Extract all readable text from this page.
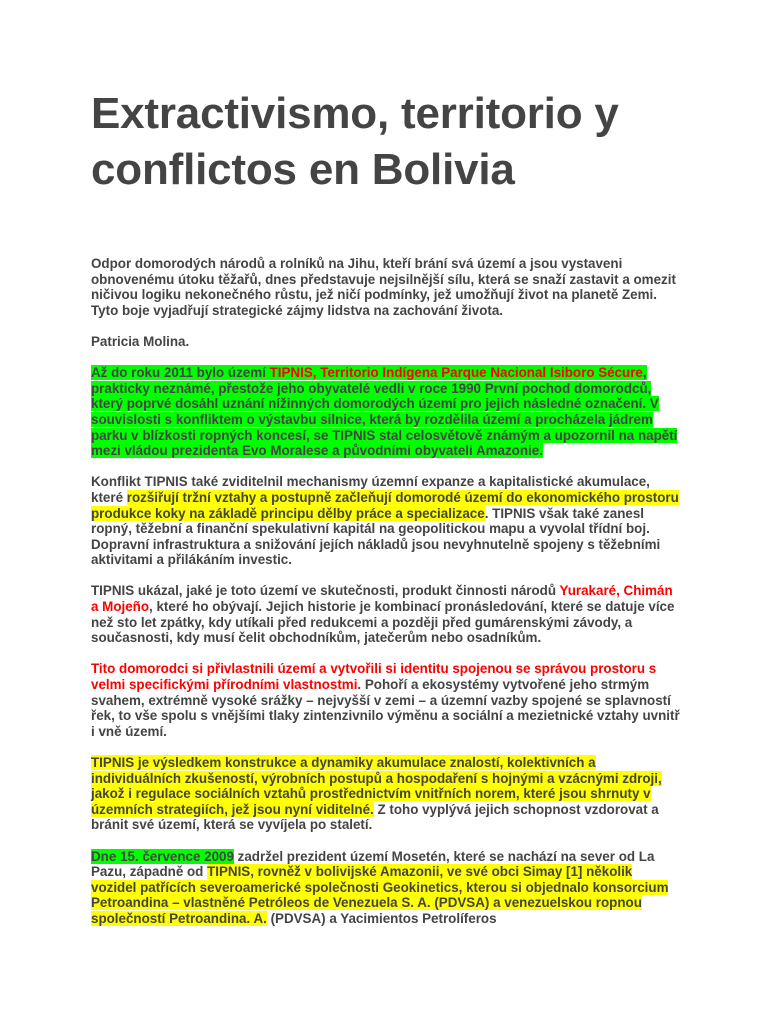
Extractivismo, territorio y conflictos en Bolivia

Odpor domorodých národů a rolníků na Jihu, kteří brání svá území a jsou vystaveni obnovenému útoku těžařů, dnes představuje nejsilnější sílu, která se snaží zastavit a omezit ničivou logiku nekonečného růstu, jež ničí podmínky, jež umožňují život na planetě Zemi. Tyto boje vyjadřují strategické zájmy lidstva na zachování života.

Patricia Molina.

Až do roku 2011 bylo území TIPNIS, Territorio Indígena Parque Nacional Isiboro Sécure, prakticky neznámé, přestože jeho obyvatelé vedli v roce 1990 První pochod domorodců, který poprvé dosáhl uznání nížinných domorodých území pro jejich následné označení. V souvislosti s konfliktem o výstavbu silnice, která by rozdělila území a procházela jádrem parku v blízkosti ropných koncesí, se TIPNIS stal celosvětově známým a upozornil na napětí mezi vládou prezidenta Evo Moralese a původními obyvateli Amazonie.

Konflikt TIPNIS také zviditelnil mechanismy územní expanze a kapitalistické akumulace, které rozšiřují tržní vztahy a postupně začleňují domorodé území do ekonomického prostoru produkce koky na základě principu dělby práce a specializace. TIPNIS však také zanesl ropný, těžební a finanční spekulativní kapitál na geopolitickou mapu a vyvolal třídní boj. Dopravní infrastruktura a snižování jejích nákladů jsou nevyhnutelně spojeny s těžebními aktivitami a přilákáním investic.

TIPNIS ukázal, jaké je toto území ve skutečnosti, produkt činnosti národů Yurakaré, Chimán a Mojeño, které ho obývají. Jejich historie je kombinací pronásledování, které se datuje více než sto let zpátky, kdy utíkali před redukcemi a později před gumárenskými závody, a současnosti, kdy musí čelit obchodníkům, jatečerům nebo osadníkům.

Tito domorodci si přivlastnili území a vytvořili si identitu spojenou se správou prostoru s velmi specifickými přírodními vlastnostmi. Pohoří a ekosystémy vytvořené jeho strmým svahem, extrémně vysoké srážky – nejvyšší v zemi – a územní vazby spojené se splavností řek, to vše spolu s vnějšími tlaky zintenzivnilo výměnu a sociální a mezietnické vztahy uvnitř i vně území.

TIPNIS je výsledkem konstrukce a dynamiky akumulace znalostí, kolektivních a individuálních zkušeností, výrobních postupů a hospodaření s hojnými a vzácnými zdroji, jakož i regulace sociálních vztahů prostřednictvím vnitřních norem, které jsou shrnuty v územních strategiích, jež jsou nyní viditelné. Z toho vyplývá jejich schopnost vzdorovat a bránit své území, která se vyvíjela po staletí.

Dne 15. července 2009 zadržel prezident území Mosetén, které se nachází na sever od La Pazu, západně od TIPNIS, rovněž v bolivijské Amazonii, ve své obci Simay [1] několik vozidel patřících severoamerické společnosti Geokinetics, kterou si objednalo konsorcium Petroandina – vlastněné Petróleos de Venezuela S. A. (PDVSA) a venezuelskou ropnou společností Petroandina. A. (PDVSA) a Yacimientos Petrolíferos
